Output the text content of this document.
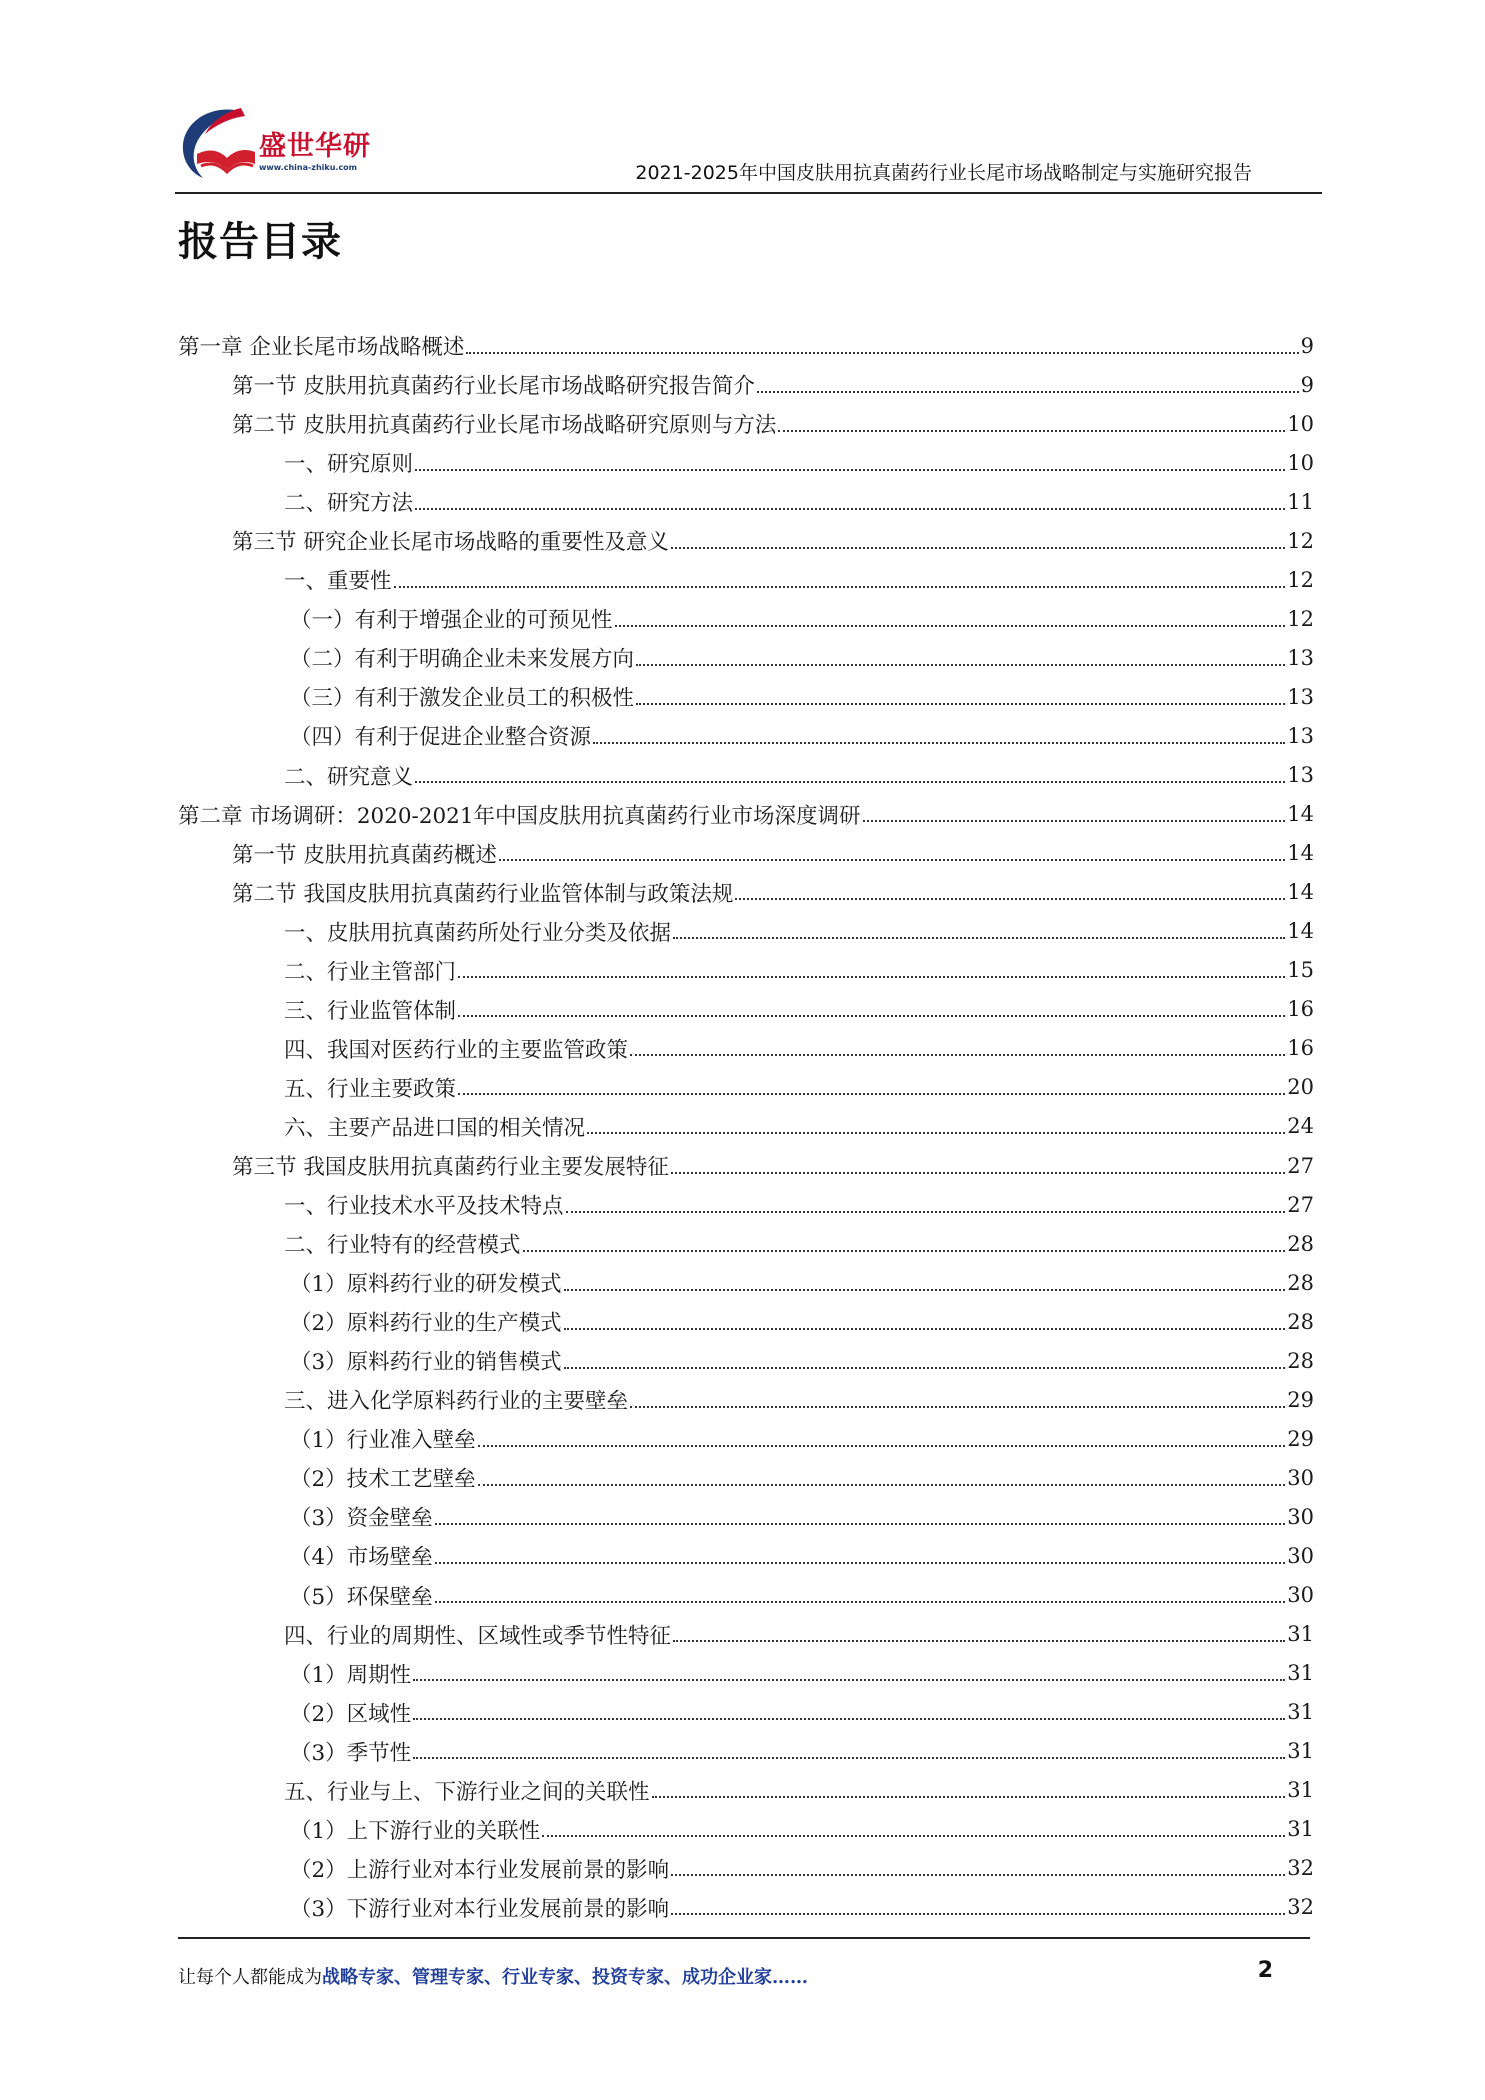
盛世华研
www.china-zhiku.com	2021-2025年中国皮肤用抗真菌药行业长尾市场战略制定与实施研究报告
报告目录
第一章 企业长尾市场战略概述	9
第一节 皮肤用抗真菌药行业长尾市场战略研究报告简介	9
第二节 皮肤用抗真菌药行业长尾市场战略研究原则与方法	10
一、研究原则	10
二、研究方法	11
第三节 研究企业长尾市场战略的重要性及意义	12
一、重要性	12
（一）有利于增强企业的可预见性	12
（二）有利于明确企业未来发展方向	13
（三）有利于激发企业员工的积极性	13
（四）有利于促进企业整合资源	13
二、研究意义	13
第二章 市场调研：2020-2021年中国皮肤用抗真菌药行业市场深度调研	14
第一节 皮肤用抗真菌药概述	14
第二节 我国皮肤用抗真菌药行业监管体制与政策法规	14
一、皮肤用抗真菌药所处行业分类及依据	14
二、行业主管部门	15
三、行业监管体制	16
四、我国对医药行业的主要监管政策	16
五、行业主要政策	20
六、主要产品进口国的相关情况	24
第三节 我国皮肤用抗真菌药行业主要发展特征	27
一、行业技术水平及技术特点	27
二、行业特有的经营模式	28
（1）原料药行业的研发模式	28
（2）原料药行业的生产模式	28
（3）原料药行业的销售模式	28
三、进入化学原料药行业的主要壁垒	29
（1）行业准入壁垒	29
（2）技术工艺壁垒	30
（3）资金壁垒	30
（4）市场壁垒	30
（5）环保壁垒	30
四、行业的周期性、区域性或季节性特征	31
（1）周期性	31
（2）区域性	31
（3）季节性	31
五、行业与上、下游行业之间的关联性	31
（1）上下游行业的关联性	31
（2）上游行业对本行业发展前景的影响	32
（3）下游行业对本行业发展前景的影响	32
让每个人都能成为战略专家、管理专家、行业专家、投资专家、成功企业家……	2
